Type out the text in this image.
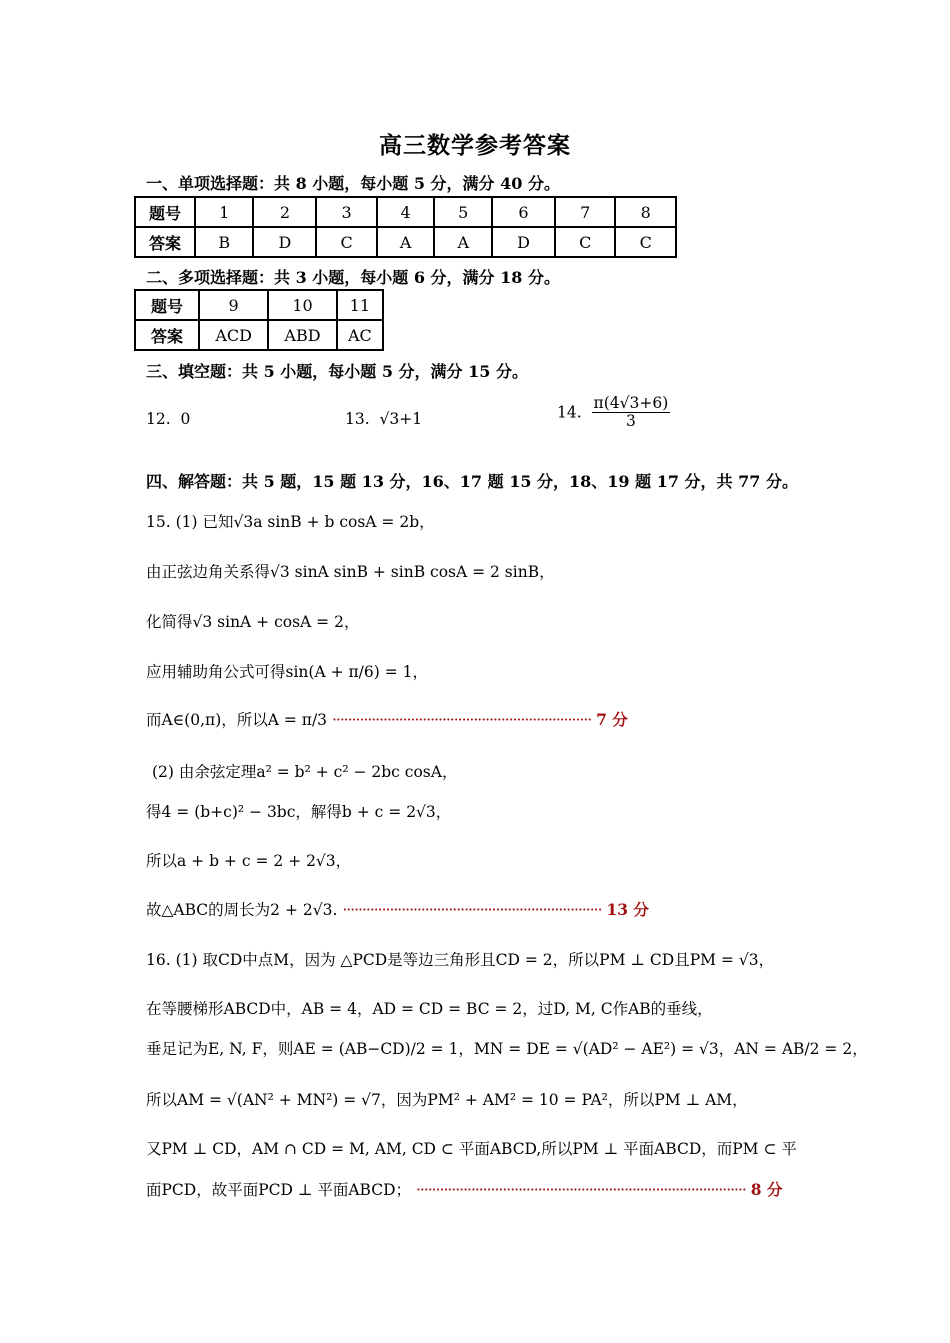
高三数学参考答案
一、单项选择题：共 8 小题，每小题 5 分，满分 40 分。
题号	1	2	3	4	5	6	7	8
答案	B	D	C	A	A	D	C	C
二、多项选择题：共 3 小题，每小题 6 分，满分 18 分。
题号	9	10	11
答案	ACD	ABD	AC
三、填空题：共 5 小题，每小题 5 分，满分 15 分。
12. 0	13. √3+1	14. $\frac{\pi(4√3+6)}{3}$
四、解答题：共 5 题，15 题 13 分，16、17 题 15 分，18、19 题 17 分，共 77 分。
15. (1) 已知√3a sinB + b cosA = 2b，
由正弦边角关系得√3 sinA sinB + sinB cosA = 2 sinB，
化简得√3 sinA + cosA = 2，
应用辅助角公式可得sin(A + π/6) = 1，
而A∈(0,π)，所以A = π/3 ·································································· 7 分
(2) 由余弦定理a² = b² + c² − 2bc cosA，
得4 = (b+c)² − 3bc，解得b + c = 2√3，
所以a + b + c = 2 + 2√3，
故△ABC的周长为2 + 2√3. ·································································· 13 分
16. (1) 取CD中点M，因为 △PCD是等边三角形且CD = 2，所以PM ⊥ CD且PM = √3，
在等腰梯形ABCD中，AB = 4，AD = CD = BC = 2，过D, M, C作AB的垂线，
垂足记为E, N, F，则AE = (AB−CD)/2 = 1，MN = DE = √(AD² − AE²) = √3，AN = AB/2 = 2，
所以AM = √(AN² + MN²) = √7，因为PM² + AM² = 10 = PA²，所以PM ⊥ AM，
又PM ⊥ CD，AM ∩ CD = M, AM, CD ⊂ 平面ABCD,所以PM ⊥ 平面ABCD，而PM ⊂ 平
面PCD，故平面PCD ⊥ 平面ABCD； ···················································································· 8 分
